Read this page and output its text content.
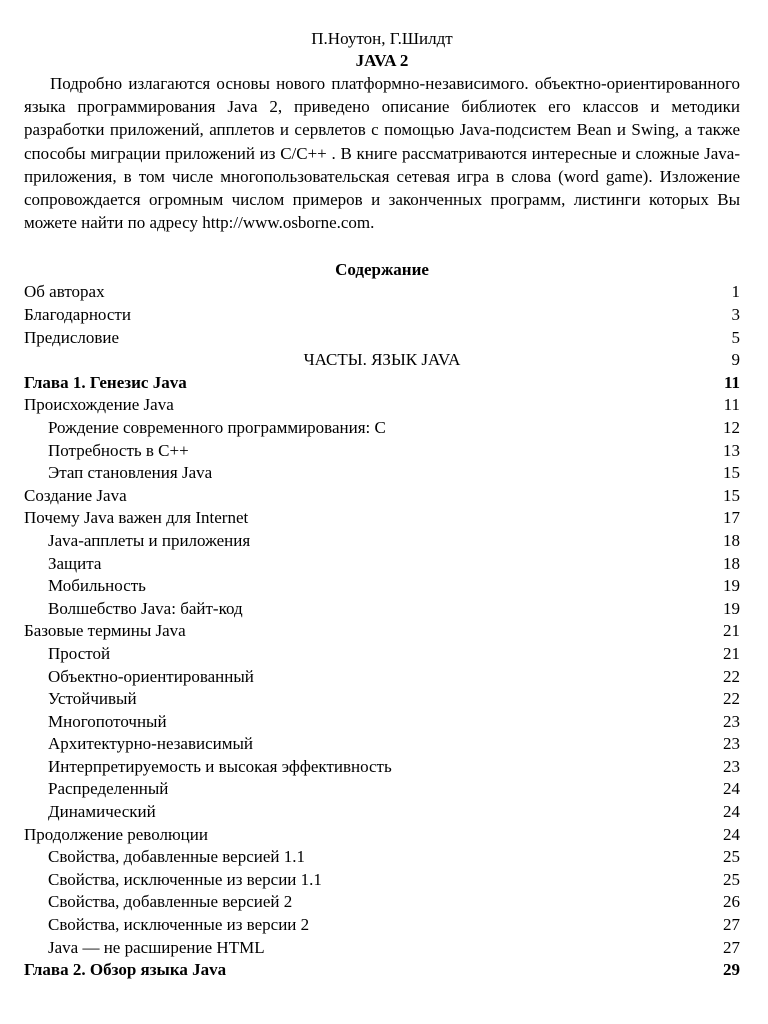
П.Ноутон, Г.Шилдт
JAVA 2

Подробно излагаются основы нового платформно-независимого. объектно-ориентированного языка программирования Java 2, приведено описание библиотек его классов и методики разработки приложений, апплетов и сервлетов с помощью Java-подсистем Bean и Swing, а также способы миграции приложений из C/C++ . В книге рассматриваются интересные и сложные Java-приложения, в том числе многопользовательская сетевая игра в слова (word game). Изложение сопровождается огромным числом примеров и законченных программ, листинги которых Вы можете найти по адресу http://www.osborne.com.

Содержание
Об авторах	1
Благодарности	3
Предисловие	5
ЧАСТЫ. ЯЗЫК JAVA	9
Глава 1. Генезис Java	11
Происхождение Java	11
Рождение современного программирования: С	12
Потребность в C++	13
Этап становления Java	15
Создание Java	15
Почему Java важен для Internet	17
Java-апплеты и приложения	18
Защита	18
Мобильность	19
Волшебство Java: байт-код	19
Базовые термины Java	21
Простой	21
Объектно-ориентированный	22
Устойчивый	22
Многопоточный	23
Архитектурно-независимый	23
Интерпретируемость и высокая эффективность	23
Распределенный	24
Динамический	24
Продолжение революции	24
Свойства, добавленные версией 1.1	25
Свойства, исключенные из версии 1.1	25
Свойства, добавленные версией 2	26
Свойства, исключенные из версии 2	27
Java — не расширение HTML	27
Глава 2. Обзор языка Java	29
